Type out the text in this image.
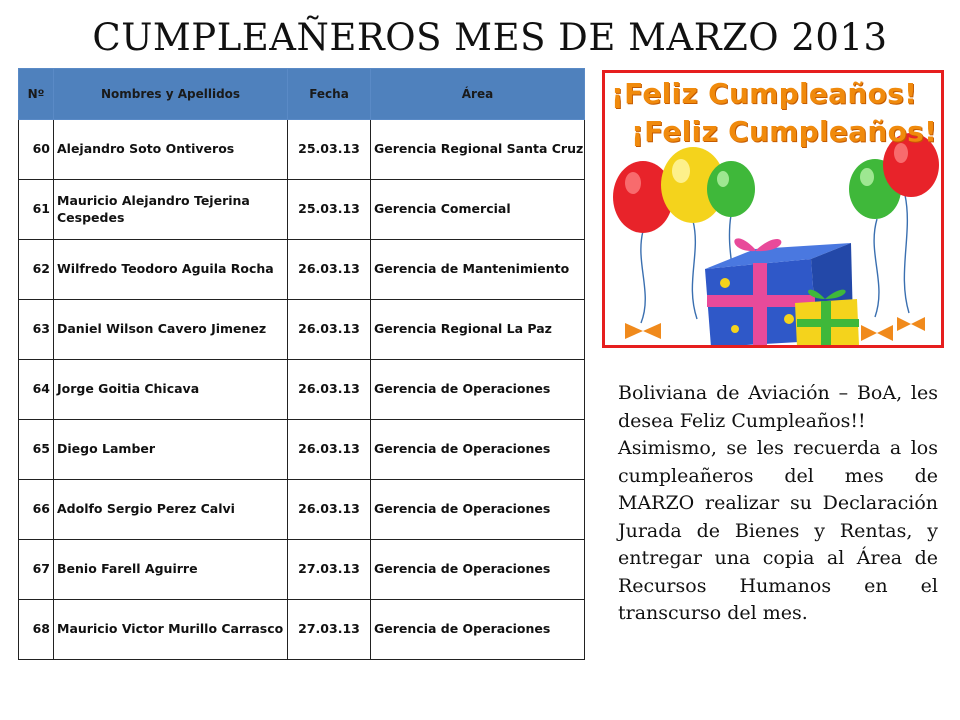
CUMPLEAÑEROS MES DE MARZO 2013
Nº	Nombres y Apellidos	Fecha	Área
60	Alejandro Soto Ontiveros	25.03.13	Gerencia Regional Santa Cruz
61	Mauricio Alejandro Tejerina Cespedes	25.03.13	Gerencia Comercial
62	Wilfredo Teodoro Aguila Rocha	26.03.13	Gerencia de Mantenimiento
63	Daniel Wilson Cavero Jimenez	26.03.13	Gerencia Regional La Paz
64	Jorge Goitia Chicava	26.03.13	Gerencia de Operaciones
65	Diego Lamber	26.03.13	Gerencia de Operaciones
66	Adolfo Sergio Perez Calvi	26.03.13	Gerencia de Operaciones
67	Benio Farell Aguirre	27.03.13	Gerencia de Operaciones
68	Mauricio Victor Murillo Carrasco	27.03.13	Gerencia de Operaciones
¡Feliz Cumpleaños!
¡Feliz Cumpleaños!

Boliviana de Aviación – BoA, les desea Feliz Cumpleaños!!

Asimismo, se les recuerda a los cumpleañeros del mes de MARZO realizar su Declaración Jurada de Bienes y Rentas, y entregar una copia al Área de Recursos Humanos en el transcurso del mes.
